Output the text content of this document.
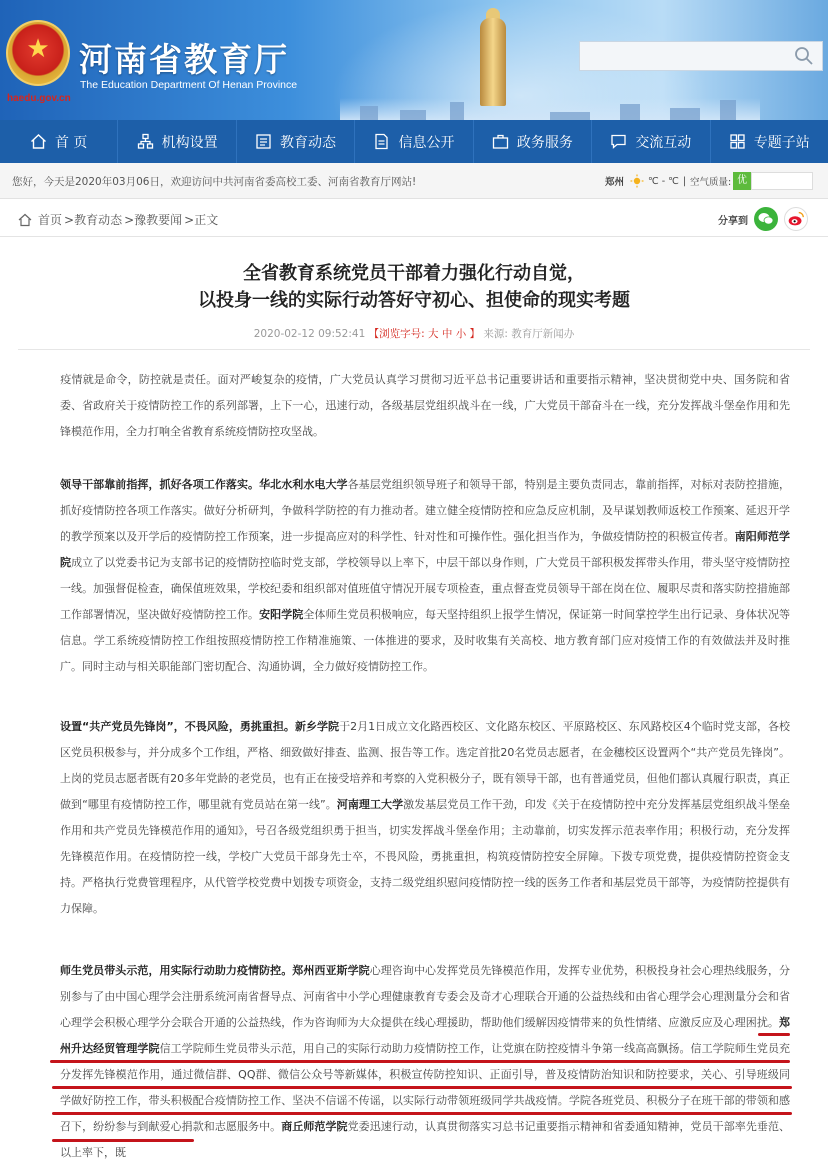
★
haedu.gov.cn
河南省教育厅
The Education Department Of Henan Province
首 页	机构设置	教育动态	信息公开	政务服务	交流互动	专题子站
您好，今天是2020年03月06日，欢迎访问中共河南省委高校工委、河南省教育厅网站!	郑州	℃ - ℃ | 空气质量: 优
首页 >教育动态 >豫教要闻 >正文	分享到
全省教育系统党员干部着力强化行动自觉，
以投身一线的实际行动答好守初心、担使命的现实考题
2020-02-12 09:52:41 【浏览字号: 大 中 小 】 来源: 教育厅新闻办
疫情就是命令，防控就是责任。面对严峻复杂的疫情，广大党员认真学习贯彻习近平总书记重要讲话和重要指示精神，坚决贯彻党中央、国务院和省委、省政府关于疫情防控工作的系列部署，上下一心，迅速行动，各级基层党组织战斗在一线，广大党员干部奋斗在一线，充分发挥战斗堡垒作用和先锋模范作用，全力打响全省教育系统疫情防控攻坚战。
领导干部靠前指挥，抓好各项工作落实。华北水利水电大学各基层党组织领导班子和领导干部，特别是主要负责同志，靠前指挥，对标对表防控措施，抓好疫情防控各项工作落实。做好分析研判，争做科学防控的有力推动者。建立健全疫情防控和应急反应机制，及早谋划教师返校工作预案、延迟开学的教学预案以及开学后的疫情防控工作预案，进一步提高应对的科学性、针对性和可操作性。强化担当作为，争做疫情防控的积极宣传者。南阳师范学院成立了以党委书记为支部书记的疫情防控临时党支部，学校领导以上率下，中层干部以身作则，广大党员干部积极发挥带头作用，带头坚守疫情防控一线。加强督促检查，确保值班效果，学校纪委和组织部对值班值守情况开展专项检查，重点督查党员领导干部在岗在位、履职尽责和落实防控措施部工作部署情况，坚决做好疫情防控工作。安阳学院全体师生党员积极响应，每天坚持组织上报学生情况，保证第一时间掌控学生出行记录、身体状况等信息。学工系统疫情防控工作组按照疫情防控工作精准施策、一体推进的要求，及时收集有关高校、地方教育部门应对疫情工作的有效做法并及时推广。同时主动与相关职能部门密切配合、沟通协调，全力做好疫情防控工作。
设置“共产党员先锋岗”，不畏风险，勇挑重担。新乡学院于2月1日成立文化路西校区、文化路东校区、平原路校区、东风路校区4个临时党支部，各校区党员积极参与，并分成多个工作组，严格、细致做好排查、监测、报告等工作。选定首批20名党员志愿者，在金穗校区设置两个“共产党员先锋岗”。上岗的党员志愿者既有20多年党龄的老党员，也有正在接受培养和考察的入党积极分子，既有领导干部，也有普通党员，但他们都认真履行职责，真正做到“哪里有疫情防控工作，哪里就有党员站在第一线”。河南理工大学激发基层党员工作干劲，印发《关于在疫情防控中充分发挥基层党组织战斗堡垒作用和共产党员先锋模范作用的通知》，号召各级党组织勇于担当，切实发挥战斗堡垒作用；主动靠前，切实发挥示范表率作用；积极行动，充分发挥先锋模范作用。在疫情防控一线，学校广大党员干部身先士卒，不畏风险，勇挑重担，构筑疫情防控安全屏障。下拨专项党费，提供疫情防控资金支持。严格执行党费管理程序，从代管学校党费中划拨专项资金，支持二级党组织慰问疫情防控一线的医务工作者和基层党员干部等，为疫情防控提供有力保障。
师生党员带头示范，用实际行动助力疫情防控。郑州西亚斯学院心理咨询中心发挥党员先锋模范作用，发挥专业优势，积极投身社会心理热线服务，分别参与了由中国心理学会注册系统河南省督导点、河南省中小学心理健康教育专委会及奇才心理联合开通的公益热线和由省心理学会心理测量分会和省心理学会积极心理学分会联合开通的公益热线，作为咨询师为大众提供在线心理援助，帮助他们缓解因疫情带来的负性情绪、应激反应及心理困扰。郑州升达经贸管理学院信工学院师生党员带头示范，用自己的实际行动助力疫情防控工作，让党旗在防控疫情斗争第一线高高飘扬。信工学院师生党员充分发挥先锋模范作用，通过微信群、QQ群、微信公众号等新媒体，积极宣传防控知识、正面引导，普及疫情防治知识和防控要求，关心、引导班级同学做好防控工作，带头积极配合疫情防控工作、坚决不信谣不传谣，以实际行动带领班级同学共战疫情。学院各班党员、积极分子在班干部的带领和感召下，纷纷参与到献爱心捐款和志愿服务中。商丘师范学院党委迅速行动，认真贯彻落实习总书记重要指示精神和省委通知精神，党员干部率先垂范、以上率下，既
